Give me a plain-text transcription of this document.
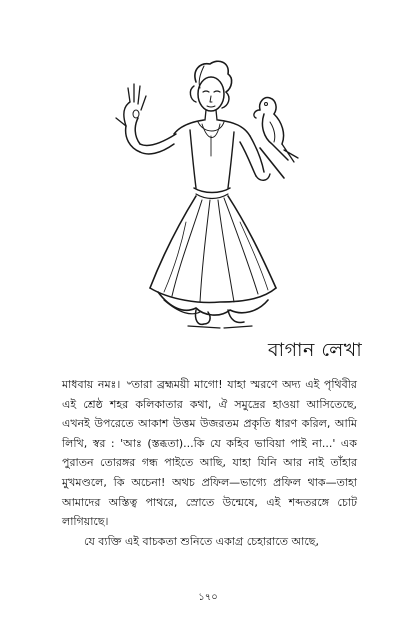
বাগান লেখা

মাধবায় নমঃ। ৺তারা ব্রহ্মময়ী মাগো! যাহা স্মরণে অদ্য এই পৃথিবীর এই শ্রেষ্ঠ শহর কলিকাতার কথা, ঐ সমুদ্রের হাওয়া আসিতেছে, এখনই উপরেতে আকাশ উত্তম উজরতম প্রকৃতি ধারণ করিল, আমি লিখি, স্বর : 'আঃ (স্তব্ধতা)...কি যে কহিব ভাবিয়া পাই না...' এক পুরাতন তোরঙ্গর গন্ধ পাইতে আছি, যাহা যিনি আর নাই তাঁহার মুখমণ্ডলে, কি অচেনা! অথচ প্রফিল—ভাগ্যে প্রফিল থাক—তাহা আমাদের অস্তিত্ব পাথরে, স্রোতে উন্মেষে, এই শব্দতরঙ্গে চোট লাগিয়াছে।

যে ব্যক্তি এই বাচকতা শুনিতে একাগ্র চেহারাতে আছে,

১৭০
